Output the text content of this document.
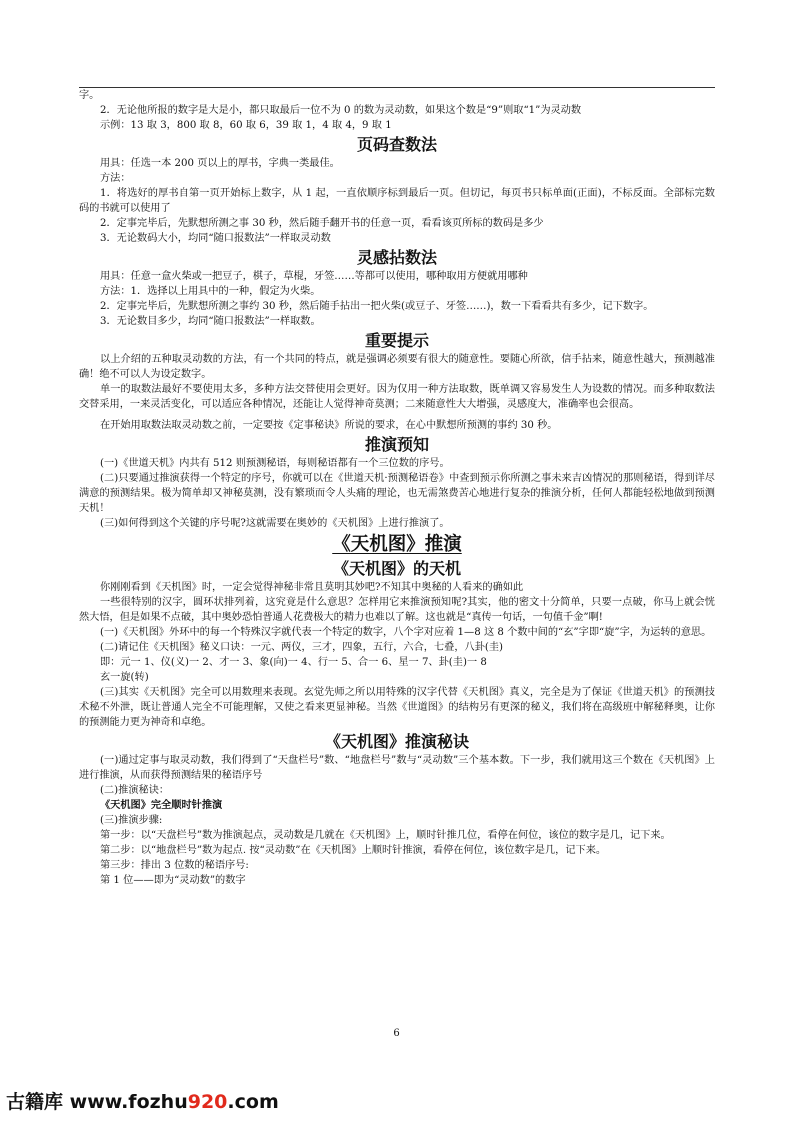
字。

2．无论他所报的数字是大是小，都只取最后一位不为 0 的数为灵动数，如果这个数是“9”则取“1”为灵动数

示例：13 取 3，800 取 8，60 取 6，39 取 1，4 取 4，9 取 1

页码查数法

用具：任选一本 200 页以上的厚书，字典一类最佳。

方法：

1．将选好的厚书自第一页开始标上数字，从 1 起，一直依顺序标到最后一页。但切记，每页书只标单面(正面)，不标反面。全部标完数码的书就可以使用了

2．定事完毕后，先默想所测之事 30 秒，然后随手翻开书的任意一页，看看该页所标的数码是多少

3．无论数码大小，均同“随口报数法”一样取灵动数

灵感拈数法

用具：任意一盒火柴或一把豆子，棋子，草棍，牙签……等都可以使用，哪种取用方便就用哪种

方法：1．选择以上用具中的一种，假定为火柴。

2．定事完毕后，先默想所测之事约 30 秒，然后随手拈出一把火柴(或豆子、牙签……)，数一下看看共有多少，记下数字。

3．无论数目多少，均同“随口报数法”一样取数。

重要提示

以上介绍的五种取灵动数的方法，有一个共同的特点，就是强调必须要有很大的随意性。要随心所欲，信手拈来，随意性越大，预测越准确！绝不可以人为设定数字。

单一的取数法最好不要使用太多，多种方法交替使用会更好。因为仅用一种方法取数，既单调又容易发生人为设数的情况。而多种取数法交替采用，一来灵活变化，可以适应各种情况，还能让人觉得神奇莫测；二来随意性大大增强，灵感度大，准确率也会很高。

在开始用取数法取灵动数之前，一定要按《定事秘诀》所说的要求，在心中默想所预测的事约 30 秒。

推演预知

(一)《世道天机》内共有 512 则预测秘语，每则秘语都有一个三位数的序号。

(二)只要通过推演获得一个特定的序号，你就可以在《世道天机·预测秘语卷》中查到预示你所测之事未来吉凶情况的那则秘语，得到详尽满意的预测结果。极为简单却又神秘莫测，没有繁琐而令人头痛的理论，也无需煞费苦心地进行复杂的推演分析，任何人都能轻松地做到预测天机！

(三)如何得到这个关键的序号呢?这就需要在奥妙的《天机图》上进行推演了。

《天机图》推演
《天机图》的天机

你刚刚看到《天机图》时，一定会觉得神秘非常且莫明其妙吧?不知其中奥秘的人看来的确如此

一些很特别的汉字，圆环状排列着，这究竟是什么意思？怎样用它来推演预知呢?其实，他的密文十分简单，只要一点破，你马上就会恍然大悟，但是如果不点破，其中奥妙恐怕普通人花费极大的精力也难以了解。这也就是“真传一句话，一句值千金”啊!

(一)《天机图》外环中的每一个特殊汉字就代表一个特定的数字，八个字对应着 1—8 这 8 个数中间的“玄”字即“旋”字，为运转的意思。

(二)请记住《天机图》秘义口诀：一元、两仪，三才，四象，五行，六合，七叠，八卦(圭)

即：元一 1、仪(义)一 2、才一 3、象(向)一 4、行一 5、合一 6、星一 7、卦(圭)一 8

玄一旋(转)

(三)其实《天机图》完全可以用数理来表现。玄觉先师之所以用特殊的汉字代替《天机图》真义，完全是为了保证《世道天机》的预测技术秘不外泄，既让普通人完全不可能理解，又使之看来更显神秘。当然《世道图》的结构另有更深的秘义，我们将在高级班中解秘释奥，让你的预测能力更为神奇和卓绝。

《天机图》推演秘诀

(一)通过定事与取灵动数，我们得到了“天盘栏号”数、“地盘栏号”数与“灵动数”三个基本数。下一步，我们就用这三个数在《天机图》上进行推演，从而获得预测结果的秘语序号

(二)推演秘诀：

《天机图》完全顺时针推演

(三)推演步骤:

第一步：以“天盘栏号”数为推演起点，灵动数是几就在《天机图》上，顺时针推几位，看停在何位，该位的数字是几，记下来。

第二步：以“地盘栏号”数为起点. 按“灵动数”在《天机图》上顺时针推演，看停在何位，该位数字是几，记下来。

第三步：排出 3 位数的秘语序号:

第 1 位——即为“灵动数”的数字

6
古籍库 www.fozhu920.com
